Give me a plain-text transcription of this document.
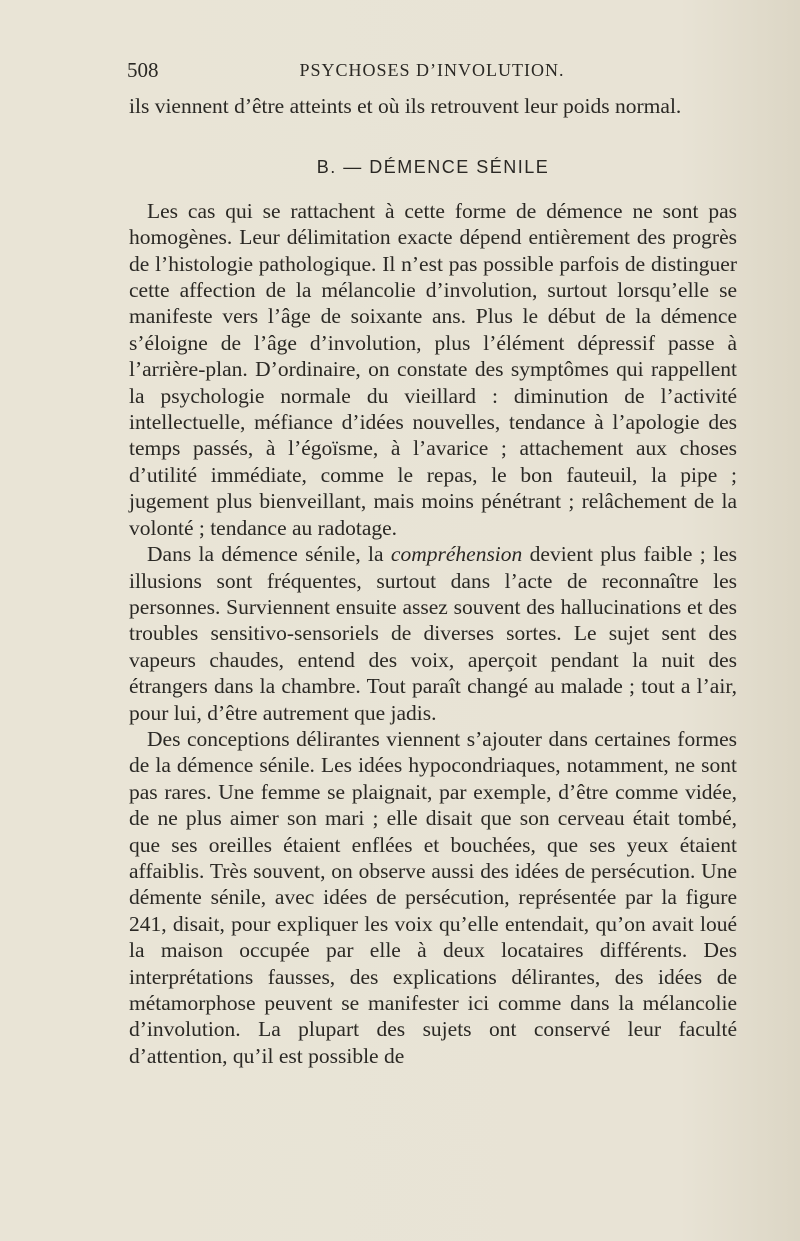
508	PSYCHOSES D’INVOLUTION.

ils viennent d’être atteints et où ils retrouvent leur poids normal.

B. — DÉMENCE SÉNILE

Les cas qui se rattachent à cette forme de démence ne sont pas homogènes. Leur délimitation exacte dépend entièrement des progrès de l’histologie pathologique. Il n’est pas possible parfois de distinguer cette affection de la mélancolie d’involution, surtout lorsqu’elle se manifeste vers l’âge de soixante ans. Plus le début de la démence s’éloigne de l’âge d’involution, plus l’élément dépressif passe à l’arrière-plan. D’ordinaire, on constate des symptômes qui rappellent la psychologie normale du vieillard : diminution de l’activité intellectuelle, méfiance d’idées nouvelles, tendance à l’apologie des temps passés, à l’égoïsme, à l’avarice ; attachement aux choses d’utilité immédiate, comme le repas, le bon fauteuil, la pipe ; jugement plus bienveillant, mais moins pénétrant ; relâchement de la volonté ; tendance au radotage.

Dans la démence sénile, la compréhension devient plus faible ; les illusions sont fréquentes, surtout dans l’acte de reconnaître les personnes. Surviennent ensuite assez souvent des hallucinations et des troubles sensitivo-sensoriels de diverses sortes. Le sujet sent des vapeurs chaudes, entend des voix, aperçoit pendant la nuit des étrangers dans la chambre. Tout paraît changé au malade ; tout a l’air, pour lui, d’être autrement que jadis.

Des conceptions délirantes viennent s’ajouter dans certaines formes de la démence sénile. Les idées hypocondriaques, notamment, ne sont pas rares. Une femme se plaignait, par exemple, d’être comme vidée, de ne plus aimer son mari ; elle disait que son cerveau était tombé, que ses oreilles étaient enflées et bouchées, que ses yeux étaient affaiblis. Très souvent, on observe aussi des idées de persécution. Une démente sénile, avec idées de persécution, représentée par la figure 241, disait, pour expliquer les voix qu’elle entendait, qu’on avait loué la maison occupée par elle à deux locataires différents. Des interprétations fausses, des explications délirantes, des idées de métamorphose peuvent se manifester ici comme dans la mélancolie d’involution. La plupart des sujets ont conservé leur faculté d’attention, qu’il est possible de
